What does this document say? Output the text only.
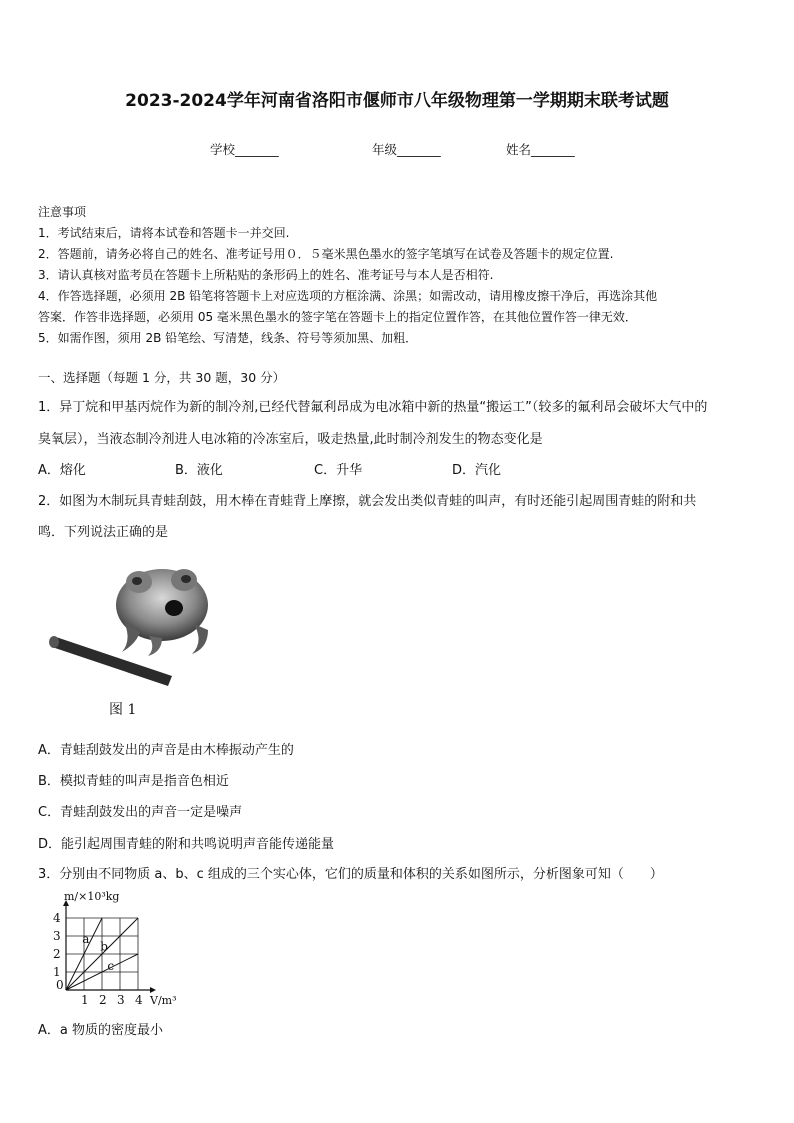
2023-2024学年河南省洛阳市偃师市八年级物理第一学期期末联考试题
学校_______	年级_______	姓名_______
注意事项
1．考试结束后，请将本试卷和答题卡一并交回.
2．答题前，请务必将自己的姓名、准考证号用０．５毫米黑色墨水的签字笔填写在试卷及答题卡的规定位置.
3．请认真核对监考员在答题卡上所粘贴的条形码上的姓名、准考证号与本人是否相符.
4．作答选择题，必须用 2B 铅笔将答题卡上对应选项的方框涂满、涂黑；如需改动，请用橡皮擦干净后，再选涂其他
答案．作答非选择题，必须用 05 毫米黑色墨水的签字笔在答题卡上的指定位置作答，在其他位置作答一律无效．
5．如需作图，须用 2B 铅笔绘、写清楚，线条、符号等须加黑、加粗．
一、选择题（每题 1 分，共 30 题，30 分）
1．异丁烷和甲基丙烷作为新的制冷剂,已经代替氟利昂成为电冰箱中新的热量“搬运工”（较多的氟利昂会破坏大气中的
臭氧层），当液态制冷剂进人电冰箱的冷冻室后，吸走热量,此时制冷剂发生的物态变化是
A．熔化	B．液化	C．升华	D．汽化
2．如图为木制玩具青蛙刮鼓，用木棒在青蛙背上摩擦，就会发出类似青蛙的叫声，有时还能引起周围青蛙的附和共
鸣．下列说法正确的是
图 1
A．青蛙刮鼓发出的声音是由木棒振动产生的
B．模拟青蛙的叫声是指音色相近
C．青蛙刮鼓发出的声音一定是噪声
D．能引起周围青蛙的附和共鸣说明声音能传递能量
3．分别由不同物质 a、b、c 组成的三个实心体，它们的质量和体积的关系如图所示，分析图象可知（　　）
a
b
c
0
1 2 3 4
1
2
3
4
m/×10³kg
V/m³
A．a 物质的密度最小
